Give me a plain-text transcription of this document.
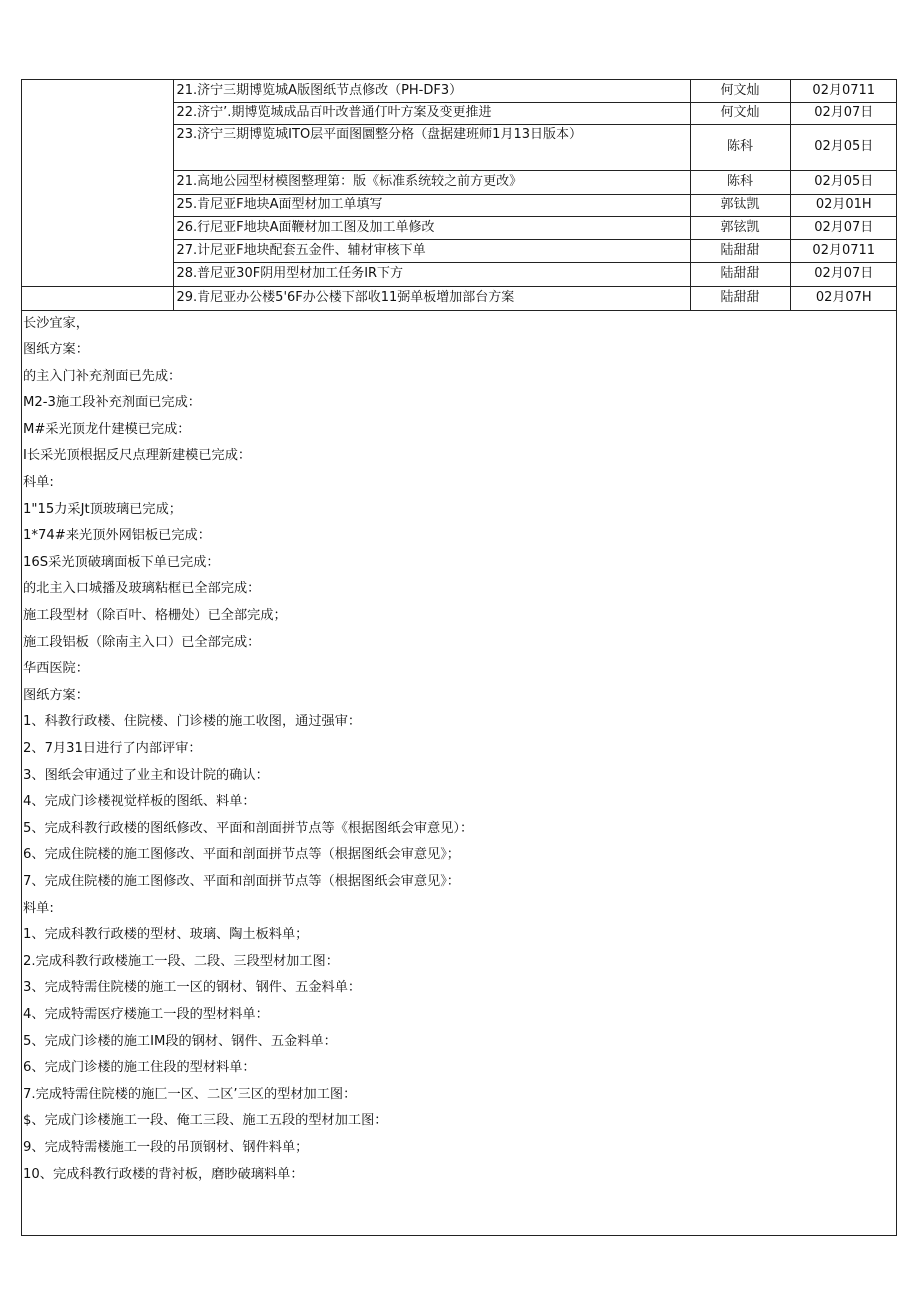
	21.济宁三期博览城A版图纸节点修改（PH-DF3）	何文灿	02月0711
	22.济宁’.期博览城成品百叶改普通仃叶方案及变更推进	何文灿	02月07日
	23.济宁三期博览城ITO层平面图圜整分格（盘据建班师1月13日版本）	陈科	02月05日
	21.高地公园型材模图整理第：版《标准系统较之前方更改》	陈科	02月05日
	25.肯尼亚F地块A面型材加工单填写	郭钛凯	02月01H
	26.行尼亚F地块A面鞭材加工图及加工单修改	郭铉凯	02月07日
	27.计尼亚F地块配套五金件、辅材审核下单	陆甜甜	02月0711
	28.普尼亚30F阴用型材加工任务IR下方	陆甜甜	02月07日
	29.肯尼亚办公楼5'6F办公楼下部收11弼单板增加部台方案	陆甜甜	02月07H
长沙宜家，
图纸方案：
的主入门补充剂面已先成：
M2-3施工段补充剂面已完成：
M#采光顶龙什建模已完成：
I长采光顶根据反尺点理新建模已完成：
科单:
1"15力采Jt顶玻璃已完成；
1*74#来光顶外网铝板已完成：
16S采光顶破璃面板下单已完成：
的北主入口城播及玻璃粘框已全部完成：
施工段型材（除百叶、格栅处）已全部完成；
施工段铝板（除南主入口）已全部完成：
华西医院：
图纸方案：
1、科教行政楼、住院楼、门诊楼的施工收图，通过强审：
2、7月31日进行了内部评审：
3、图纸会审通过了业主和设计院的确认：
4、完成门诊楼视觉样板的图纸、料单：
5、完成科教行政楼的图纸修改、平面和剖面拼节点等《根据图纸会审意见）：
6、完成住院楼的施工图修改、平面和剖面拼节点等（根据图纸会审意见》；
7、完成住院楼的施工图修改、平面和剖面拼节点等（根据图纸会审意见》：
料单:
1、完成科教行政楼的型材、玻璃、陶土板料单；
2.完成科教行政楼施工一段、二段、三段型材加工图：
3、完成特需住院楼的施工一区的钢材、钢件、五金料单：
4、完成特需医疗楼施工一段的型材料单：
5、完成门诊楼的施工IM段的钢材、钢件、五金料单：
6、完成门诊楼的施工住段的型材料单：
7.完成特需住院楼的施匚一区、二区’三区的型材加工图：
$、完成门诊楼施工一段、俺工三段、施工五段的型材加工图：
9、完成特需楼施工一段的吊顶钢材、钢件料单；
10、完成科教行政楼的背衬板，磨眇破璃料单：
